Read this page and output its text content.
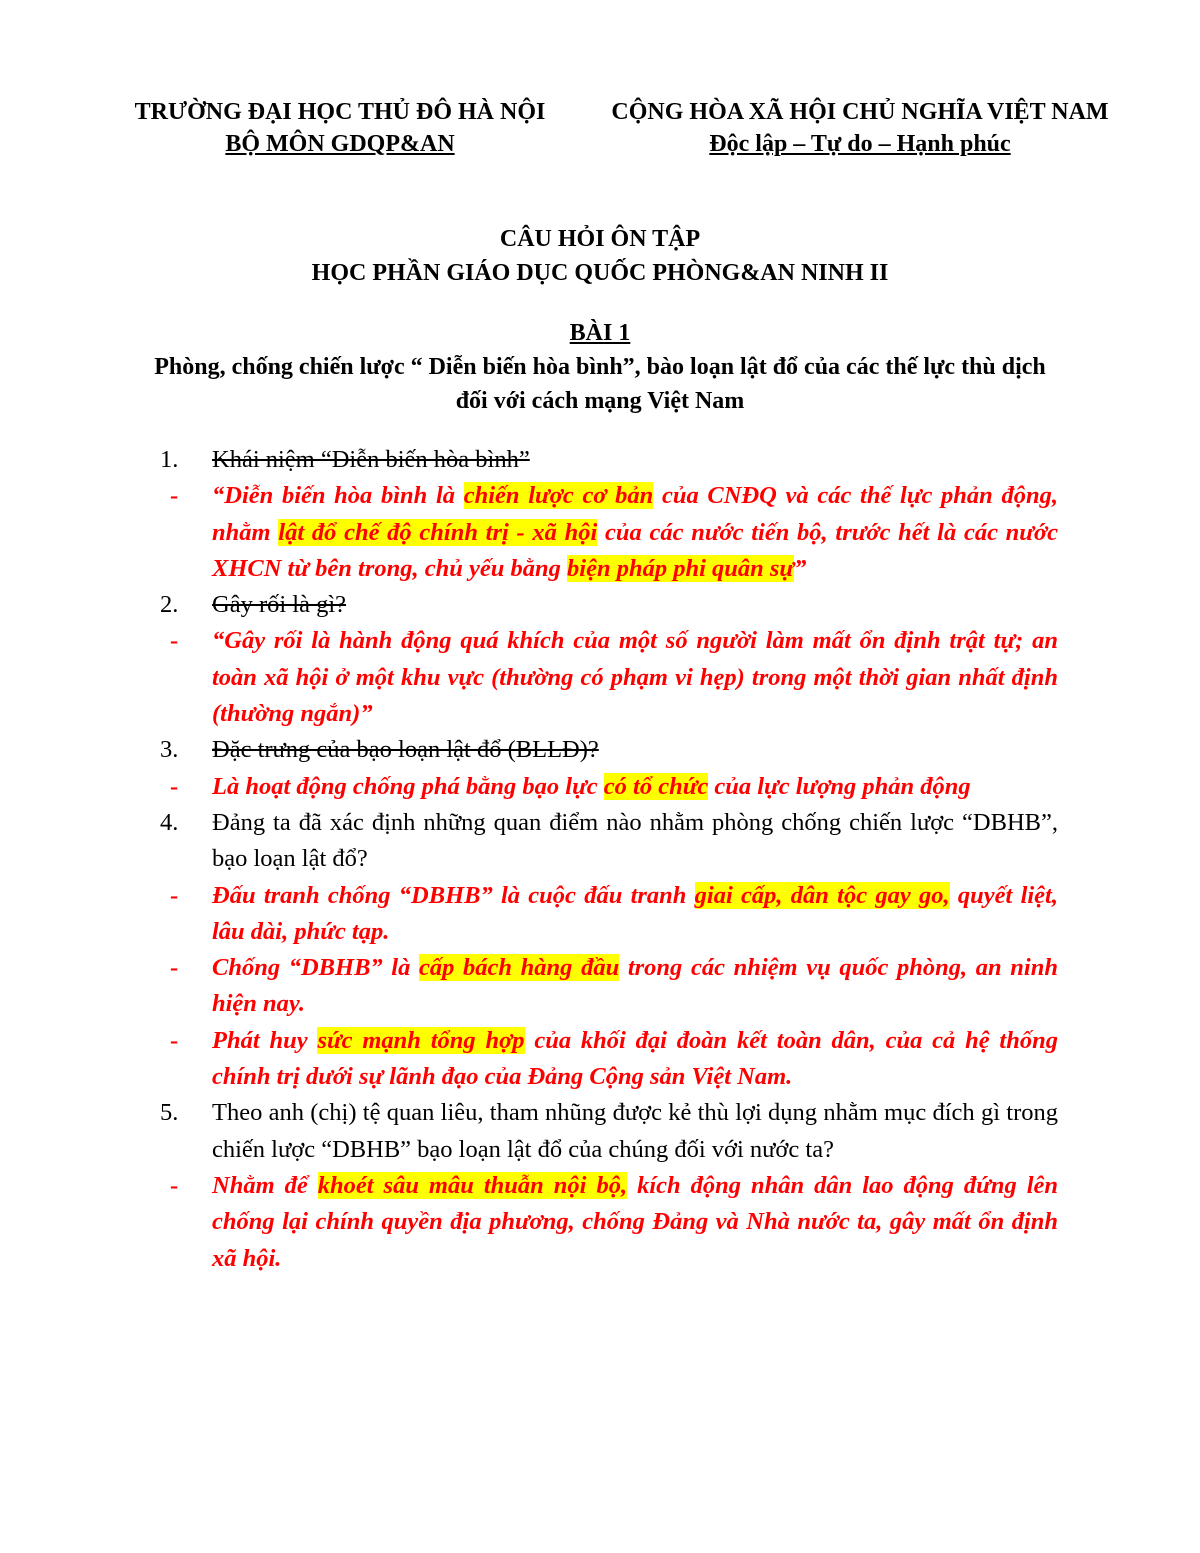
TRƯỜNG ĐẠI HỌC THỦ ĐÔ HÀ NỘI
BỘ MÔN GDQP&AN
CỘNG HÒA XÃ HỘI CHỦ NGHĨA VIỆT NAM
Độc lập – Tự do – Hạnh phúc
CÂU HỎI ÔN TẬP
HỌC PHẦN GIÁO DỤC QUỐC PHÒNG&AN NINH II
BÀI 1
Phòng, chống chiến lược “ Diễn biến hòa bình”, bào loạn lật đổ của các thế lực thù dịch đối với cách mạng Việt Nam
1. Khái niệm “Diễn biến hòa bình”
- “Diễn biến hòa bình là chiến lược cơ bản của CNĐQ và các thế lực phản động, nhằm lật đổ chế độ chính trị - xã hội của các nước tiến bộ, trước hết là các nước XHCN từ bên trong, chủ yếu bằng biện pháp phi quân sự”
2. Gây rối là gì?
- “Gây rối là hành động quá khích của một số người làm mất ổn định trật tự; an toàn xã hội ở một khu vực (thường có phạm vi hẹp) trong một thời gian nhất định (thường ngắn)”
3. Đặc trưng của bạo loạn lật đổ (BLLĐ)?
- Là hoạt động chống phá bằng bạo lực có tổ chức của lực lượng phản động
4. Đảng ta đã xác định những quan điểm nào nhằm phòng chống chiến lược “DBHB”, bạo loạn lật đổ?
- Đấu tranh chống “DBHB” là cuộc đấu tranh giai cấp, dân tộc gay go, quyết liệt, lâu dài, phức tạp.
- Chống “DBHB” là cấp bách hàng đầu trong các nhiệm vụ quốc phòng, an ninh hiện nay.
- Phát huy sức mạnh tổng hợp của khối đại đoàn kết toàn dân, của cả hệ thống chính trị dưới sự lãnh đạo của Đảng Cộng sản Việt Nam.
5. Theo anh (chị) tệ quan liêu, tham nhũng được kẻ thù lợi dụng nhằm mục đích gì trong chiến lược “DBHB” bạo loạn lật đổ của chúng đối với nước ta?
- Nhằm để khoét sâu mâu thuẫn nội bộ, kích động nhân dân lao động đứng lên chống lại chính quyền địa phương, chống Đảng và Nhà nước ta, gây mất ổn định xã hội.
